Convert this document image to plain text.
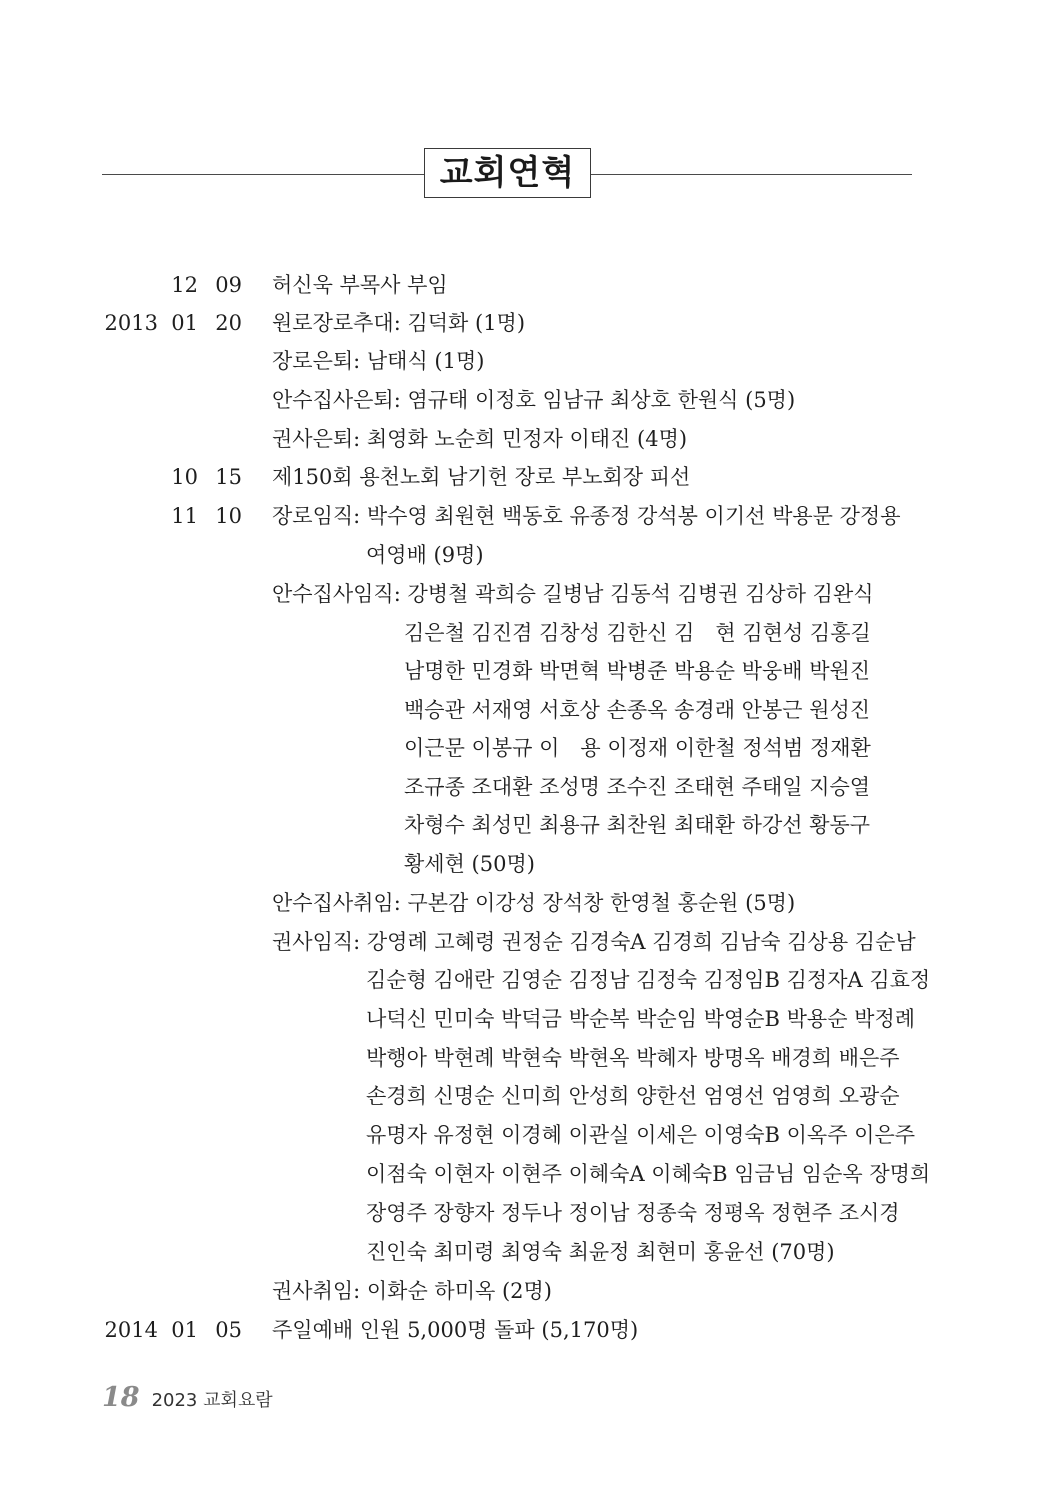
교회연혁
12 09 허신욱 부목사 부임
2013 01 20 원로장로추대: 김덕화 (1명)
장로은퇴: 남태식 (1명)
안수집사은퇴: 염규태 이정호 임남규 최상호 한원식 (5명)
권사은퇴: 최영화 노순희 민정자 이태진 (4명)
10 15 제150회 용천노회 남기헌 장로 부노회장 피선
11 10 장로임직: 박수영 최원현 백동호 유종정 강석봉 이기선 박용문 강정용
여영배 (9명)
안수집사임직: 강병철 곽희승 길병남 김동석 김병권 김상하 김완식
김은철 김진겸 김창성 김한신 김　현 김현성 김홍길
남명한 민경화 박면혁 박병준 박용순 박웅배 박원진
백승관 서재영 서호상 손종옥 송경래 안봉근 원성진
이근문 이봉규 이　용 이정재 이한철 정석범 정재환
조규종 조대환 조성명 조수진 조태현 주태일 지승열
차형수 최성민 최용규 최찬원 최태환 하강선 황동구
황세현 (50명)
안수집사취임: 구본감 이강성 장석창 한영철 홍순원 (5명)
권사임직: 강영례 고혜령 권정순 김경숙A 김경희 김남숙 김상용 김순남
김순형 김애란 김영순 김정남 김정숙 김정임B 김정자A 김효정
나덕신 민미숙 박덕금 박순복 박순임 박영순B 박용순 박정례
박행아 박현례 박현숙 박현옥 박혜자 방명옥 배경희 배은주
손경희 신명순 신미희 안성희 양한선 엄영선 엄영희 오광순
유명자 유정현 이경혜 이관실 이세은 이영숙B 이옥주 이은주
이점숙 이현자 이현주 이혜숙A 이혜숙B 임금님 임순옥 장명희
장영주 장향자 정두나 정이남 정종숙 정평옥 정현주 조시경
진인숙 최미령 최영숙 최윤정 최현미 홍윤선 (70명)
권사취임: 이화순 하미옥 (2명)
2014 01 05 주일예배 인원 5,000명 돌파 (5,170명)
18 2023 교회요람
